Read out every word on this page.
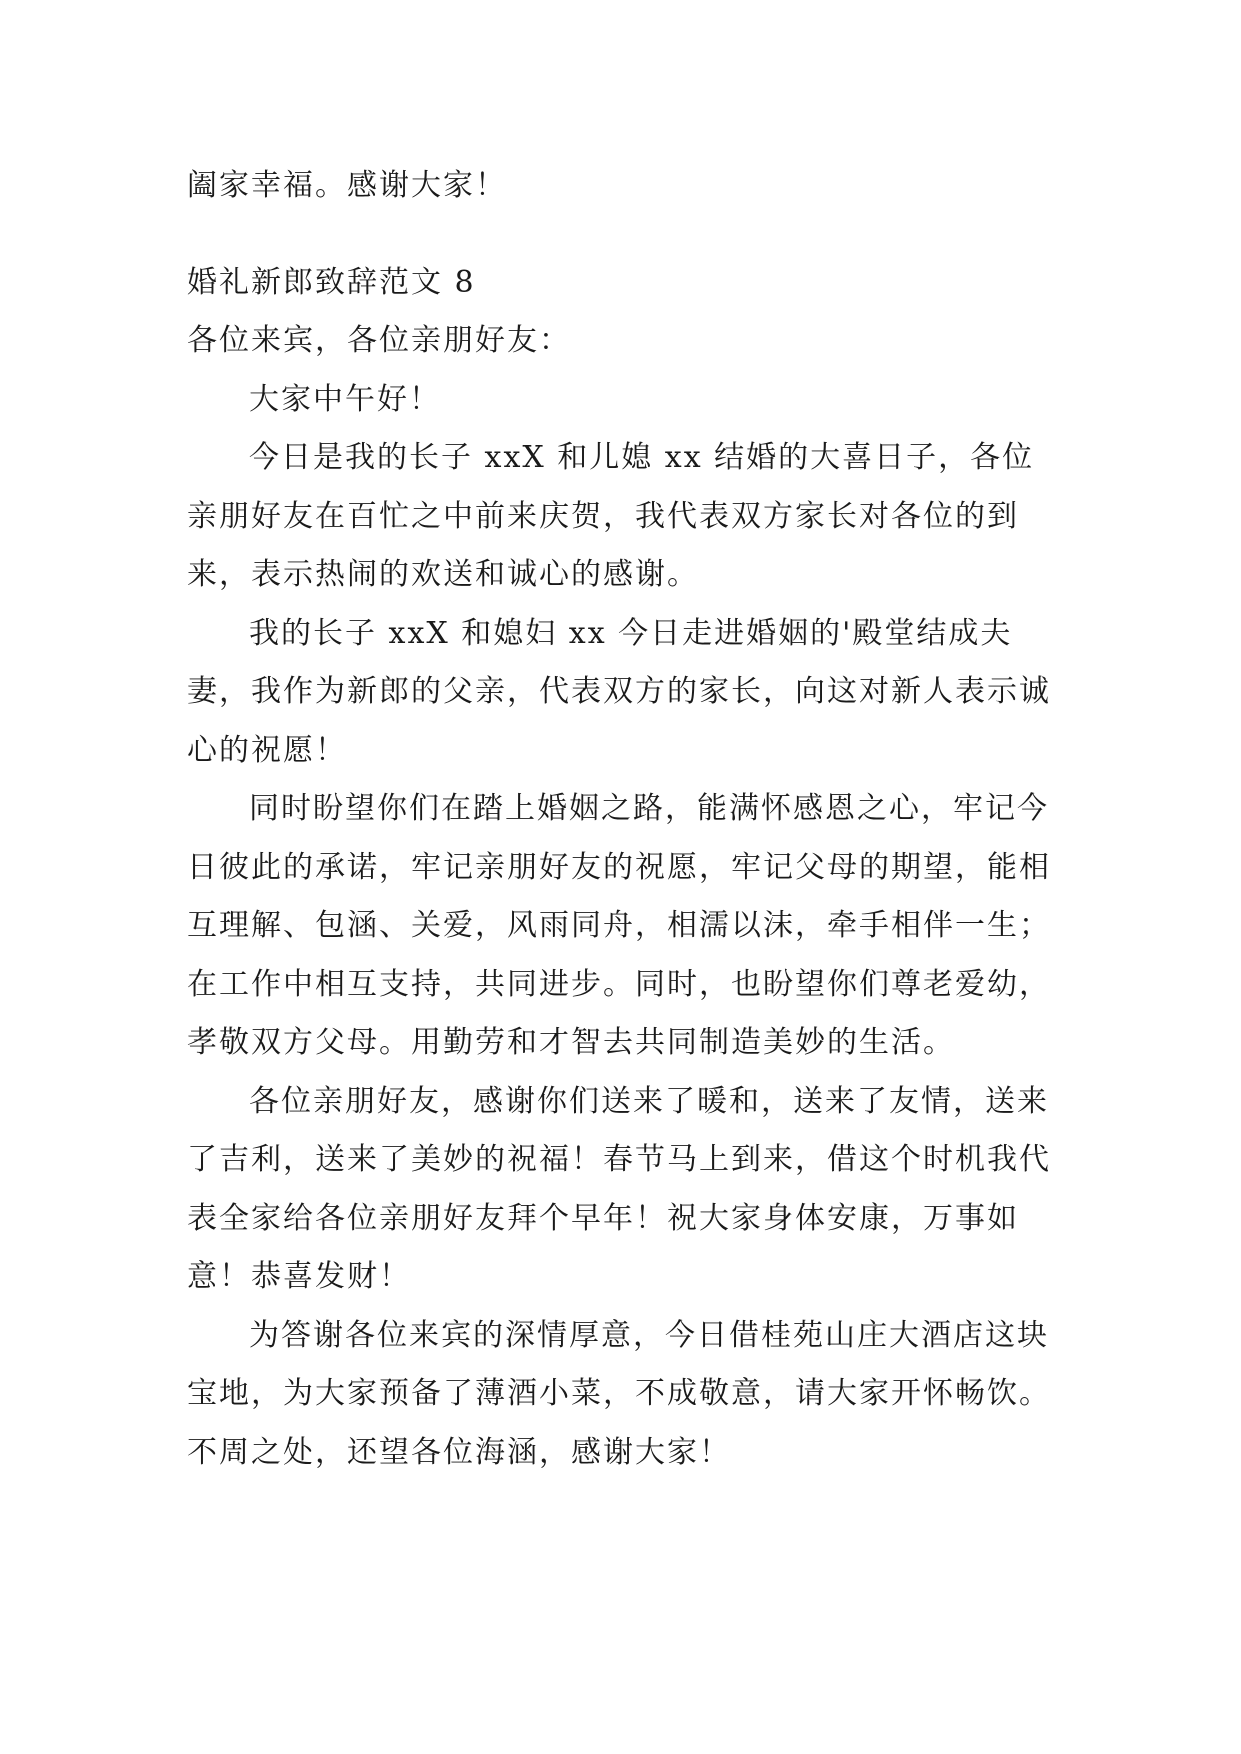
阖家幸福。感谢大家！

婚礼新郎致辞范文 8

各位来宾，各位亲朋好友：

大家中午好！

今日是我的长子 xxX 和儿媳 xx 结婚的大喜日子，各位亲朋好友在百忙之中前来庆贺，我代表双方家长对各位的到来，表示热闹的欢送和诚心的感谢。

我的长子 xxX 和媳妇 xx 今日走进婚姻的'殿堂结成夫妻，我作为新郎的父亲，代表双方的家长，向这对新人表示诚心的祝愿！

同时盼望你们在踏上婚姻之路，能满怀感恩之心，牢记今日彼此的承诺，牢记亲朋好友的祝愿，牢记父母的期望，能相互理解、包涵、关爱，风雨同舟，相濡以沫，牵手相伴一生；在工作中相互支持，共同进步。同时，也盼望你们尊老爱幼，孝敬双方父母。用勤劳和才智去共同制造美妙的生活。

各位亲朋好友，感谢你们送来了暖和，送来了友情，送来了吉利，送来了美妙的祝福！春节马上到来，借这个时机我代表全家给各位亲朋好友拜个早年！祝大家身体安康，万事如意！恭喜发财！

为答谢各位来宾的深情厚意，今日借桂苑山庄大酒店这块宝地，为大家预备了薄酒小菜，不成敬意，请大家开怀畅饮。不周之处，还望各位海涵，感谢大家！
